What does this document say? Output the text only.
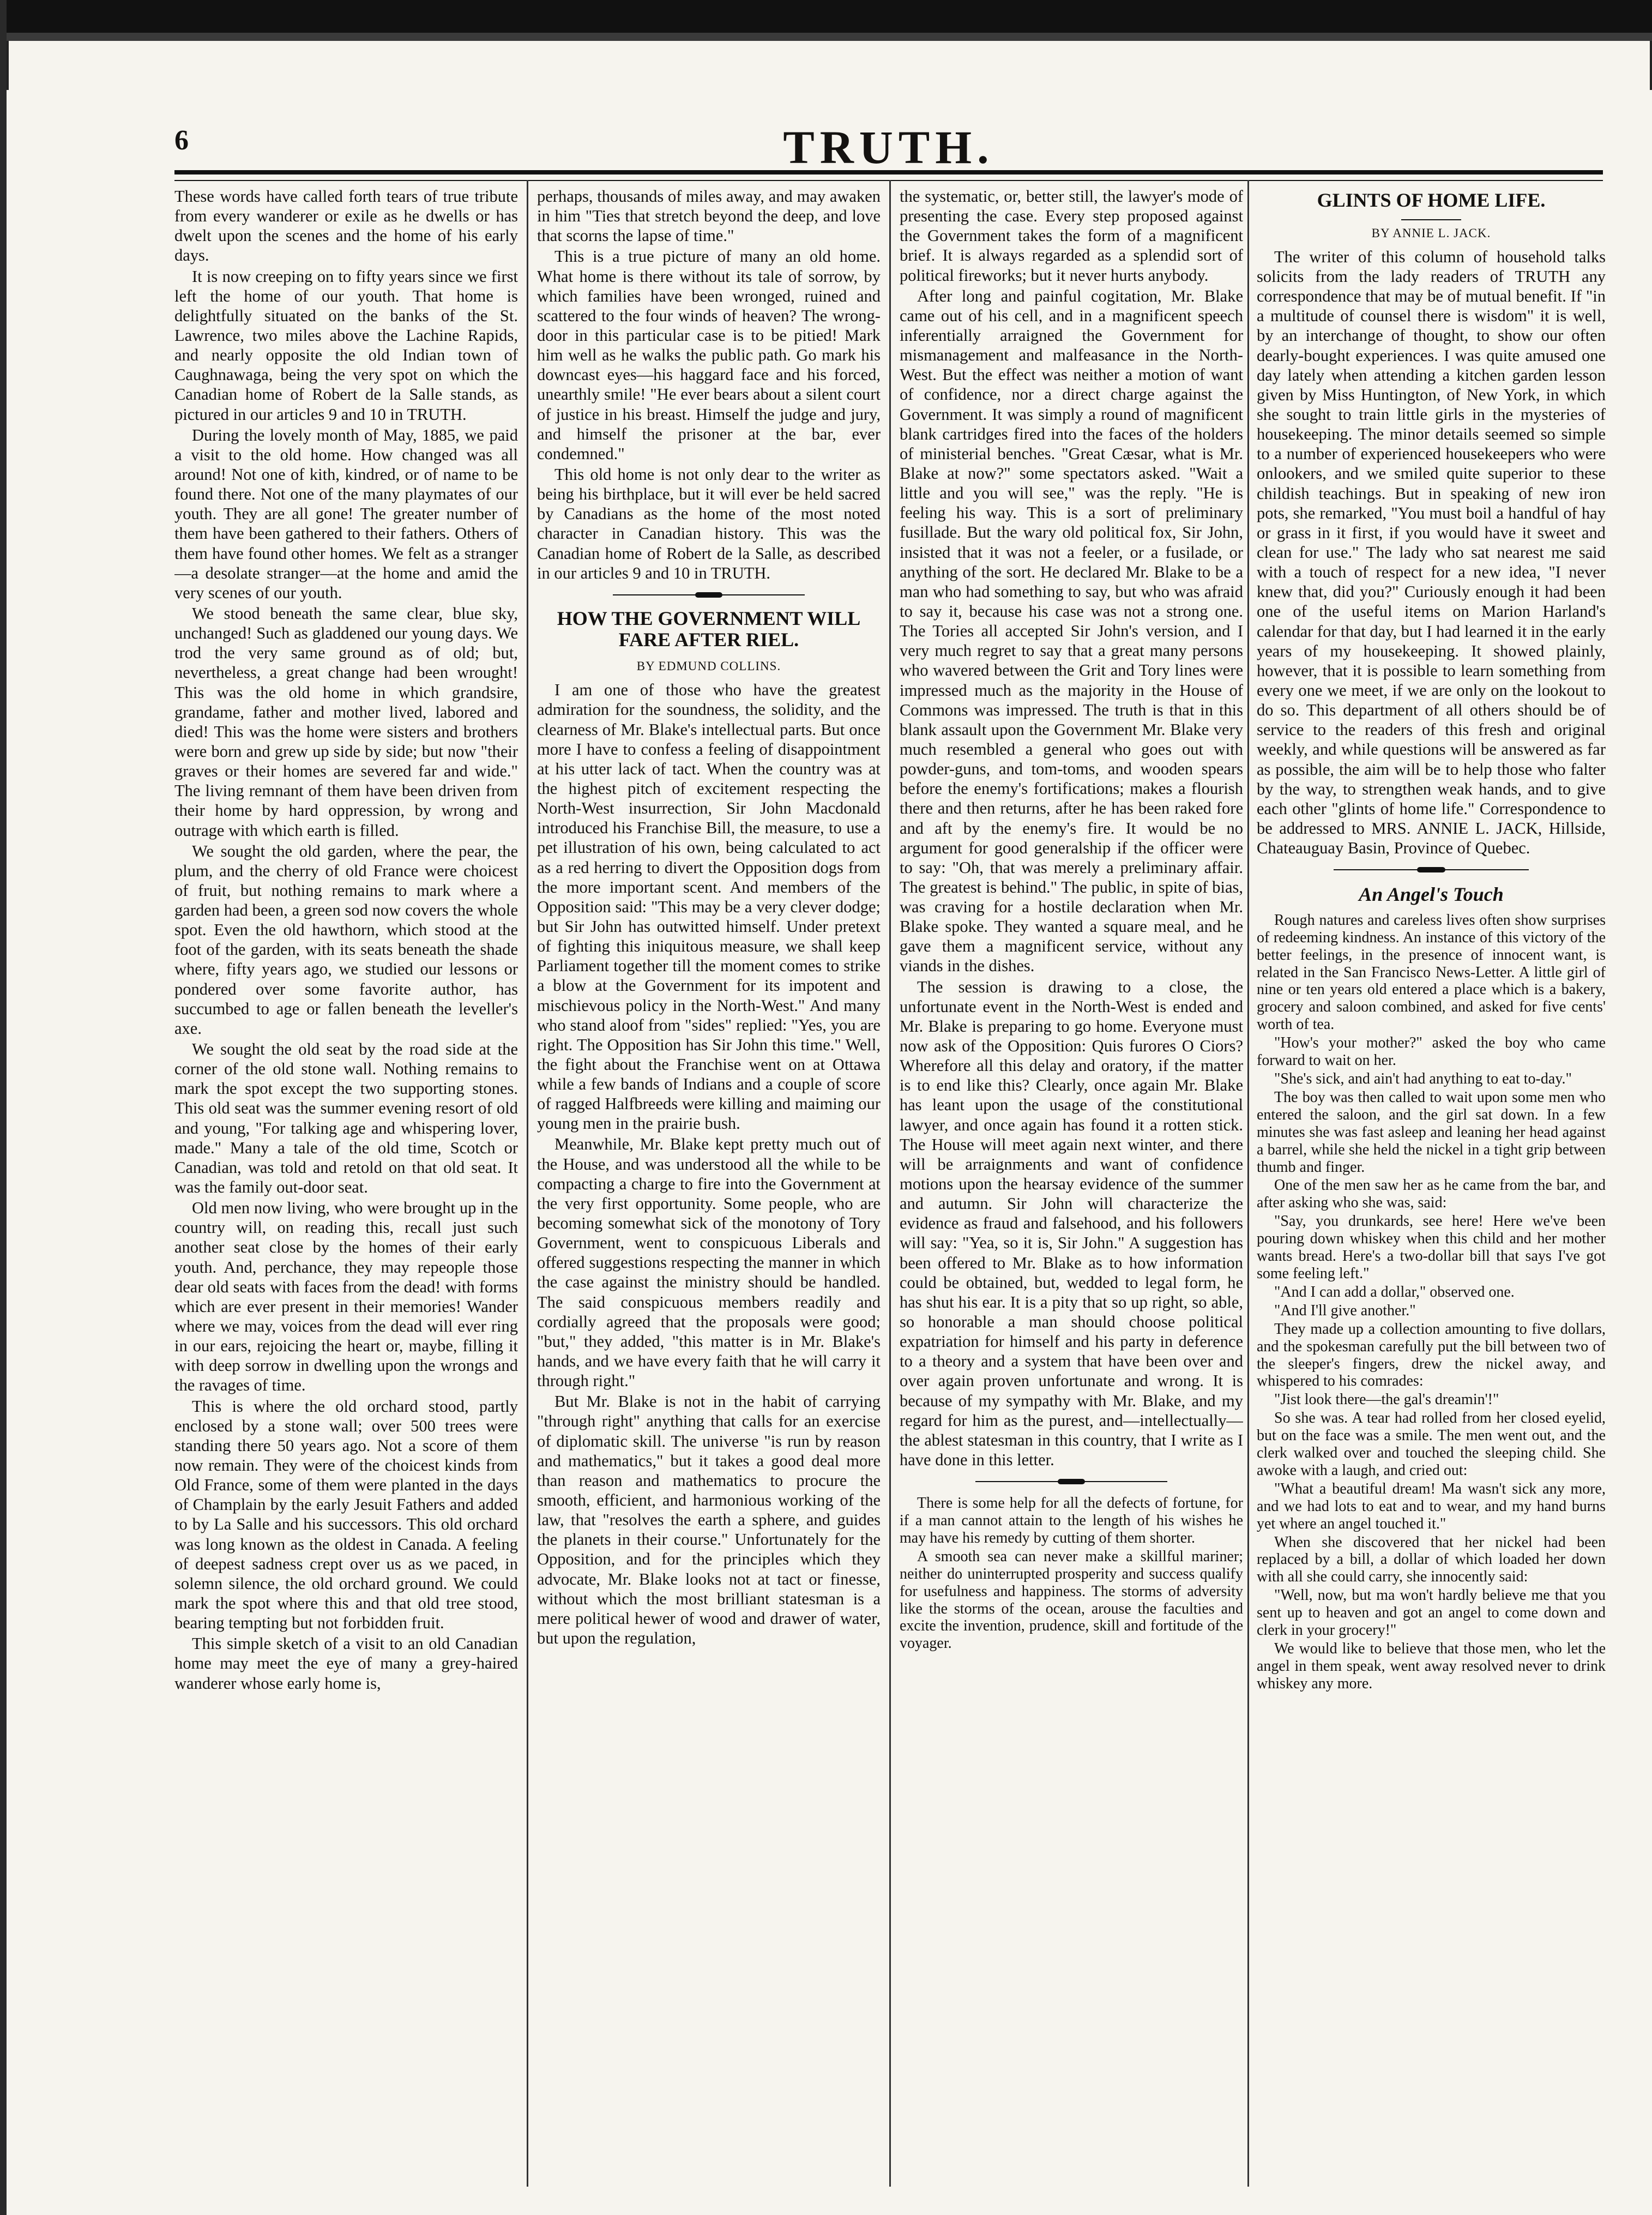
6	TRUTH.

These words have called forth tears of true tribute from every wanderer or exile as he dwells or has dwelt upon the scenes and the home of his early days.

It is now creeping on to fifty years since we first left the home of our youth. That home is delightfully situated on the banks of the St. Lawrence, two miles above the Lachine Rapids, and nearly opposite the old Indian town of Caughnawaga, being the very spot on which the Canadian home of Robert de la Salle stands, as pictured in our articles 9 and 10 in TRUTH.

During the lovely month of May, 1885, we paid a visit to the old home. How changed was all around! Not one of kith, kindred, or of name to be found there. Not one of the many playmates of our youth. They are all gone! The greater number of them have been gathered to their fathers. Others of them have found other homes. We felt as a stranger—a desolate stranger—at the home and amid the very scenes of our youth.

We stood beneath the same clear, blue sky, unchanged! Such as gladdened our young days. We trod the very same ground as of old; but, nevertheless, a great change had been wrought! This was the old home in which grandsire, grandame, father and mother lived, labored and died! This was the home were sisters and brothers were born and grew up side by side; but now "their graves or their homes are severed far and wide." The living remnant of them have been driven from their home by hard oppression, by wrong and outrage with which earth is filled.

We sought the old garden, where the pear, the plum, and the cherry of old France were choicest of fruit, but nothing remains to mark where a garden had been, a green sod now covers the whole spot. Even the old hawthorn, which stood at the foot of the garden, with its seats beneath the shade where, fifty years ago, we studied our lessons or pondered over some favorite author, has succumbed to age or fallen beneath the leveller's axe.

We sought the old seat by the road side at the corner of the old stone wall. Nothing remains to mark the spot except the two supporting stones. This old seat was the summer evening resort of old and young, "For talking age and whispering lover, made." Many a tale of the old time, Scotch or Canadian, was told and retold on that old seat. It was the family out-door seat.

Old men now living, who were brought up in the country will, on reading this, recall just such another seat close by the homes of their early youth. And, perchance, they may repeople those dear old seats with faces from the dead! with forms which are ever present in their memories! Wander where we may, voices from the dead will ever ring in our ears, rejoicing the heart or, maybe, filling it with deep sorrow in dwelling upon the wrongs and the ravages of time.

This is where the old orchard stood, partly enclosed by a stone wall; over 500 trees were standing there 50 years ago. Not a score of them now remain. They were of the choicest kinds from Old France, some of them were planted in the days of Champlain by the early Jesuit Fathers and added to by La Salle and his successors. This old orchard was long known as the oldest in Canada. A feeling of deepest sadness crept over us as we paced, in solemn silence, the old orchard ground. We could mark the spot where this and that old tree stood, bearing tempting but not forbidden fruit.

This simple sketch of a visit to an old Canadian home may meet the eye of many a grey-haired wanderer whose early home is,

perhaps, thousands of miles away, and may awaken in him "Ties that stretch beyond the deep, and love that scorns the lapse of time."

This is a true picture of many an old home. What home is there without its tale of sorrow, by which families have been wronged, ruined and scattered to the four winds of heaven? The wrong-door in this particular case is to be pitied! Mark him well as he walks the public path. Go mark his downcast eyes—his haggard face and his forced, unearthly smile! "He ever bears about a silent court of justice in his breast. Himself the judge and jury, and himself the prisoner at the bar, ever condemned."

This old home is not only dear to the writer as being his birthplace, but it will ever be held sacred by Canadians as the home of the most noted character in Canadian history. This was the Canadian home of Robert de la Salle, as described in our articles 9 and 10 in TRUTH.

HOW THE GOVERNMENT WILL FARE AFTER RIEL.
BY EDMUND COLLINS.

I am one of those who have the greatest admiration for the soundness, the solidity, and the clearness of Mr. Blake's intellectual parts. But once more I have to confess a feeling of disappointment at his utter lack of tact. When the country was at the highest pitch of excitement respecting the North-West insurrection, Sir John Macdonald introduced his Franchise Bill, the measure, to use a pet illustration of his own, being calculated to act as a red herring to divert the Opposition dogs from the more important scent. And members of the Opposition said: "This may be a very clever dodge; but Sir John has outwitted himself. Under pretext of fighting this iniquitous measure, we shall keep Parliament together till the moment comes to strike a blow at the Government for its impotent and mischievous policy in the North-West." And many who stand aloof from "sides" replied: "Yes, you are right. The Opposition has Sir John this time." Well, the fight about the Franchise went on at Ottawa while a few bands of Indians and a couple of score of ragged Halfbreeds were killing and maiming our young men in the prairie bush.

Meanwhile, Mr. Blake kept pretty much out of the House, and was understood all the while to be compacting a charge to fire into the Government at the very first opportunity. Some people, who are becoming somewhat sick of the monotony of Tory Government, went to conspicuous Liberals and offered suggestions respecting the manner in which the case against the ministry should be handled. The said conspicuous members readily and cordially agreed that the proposals were good; "but," they added, "this matter is in Mr. Blake's hands, and we have every faith that he will carry it through right."

But Mr. Blake is not in the habit of carrying "through right" anything that calls for an exercise of diplomatic skill. The universe "is run by reason and mathematics," but it takes a good deal more than reason and mathematics to procure the smooth, efficient, and harmonious working of the law, that "resolves the earth a sphere, and guides the planets in their course." Unfortunately for the Opposition, and for the principles which they advocate, Mr. Blake looks not at tact or finesse, without which the most brilliant statesman is a mere political hewer of wood and drawer of water, but upon the regulation,

the systematic, or, better still, the lawyer's mode of presenting the case. Every step proposed against the Government takes the form of a magnificent brief. It is always regarded as a splendid sort of political fireworks; but it never hurts anybody.

After long and painful cogitation, Mr. Blake came out of his cell, and in a magnificent speech inferentially arraigned the Government for mismanagement and malfeasance in the North-West. But the effect was neither a motion of want of confidence, nor a direct charge against the Government. It was simply a round of magnificent blank cartridges fired into the faces of the holders of ministerial benches. "Great Cæsar, what is Mr. Blake at now?" some spectators asked. "Wait a little and you will see," was the reply. "He is feeling his way. This is a sort of preliminary fusillade. But the wary old political fox, Sir John, insisted that it was not a feeler, or a fusilade, or anything of the sort. He declared Mr. Blake to be a man who had something to say, but who was afraid to say it, because his case was not a strong one. The Tories all accepted Sir John's version, and I very much regret to say that a great many persons who wavered between the Grit and Tory lines were impressed much as the majority in the House of Commons was impressed. The truth is that in this blank assault upon the Government Mr. Blake very much resembled a general who goes out with powder-guns, and tom-toms, and wooden spears before the enemy's fortifications; makes a flourish there and then returns, after he has been raked fore and aft by the enemy's fire. It would be no argument for good generalship if the officer were to say: "Oh, that was merely a preliminary affair. The greatest is behind." The public, in spite of bias, was craving for a hostile declaration when Mr. Blake spoke. They wanted a square meal, and he gave them a magnificent service, without any viands in the dishes.

The session is drawing to a close, the unfortunate event in the North-West is ended and Mr. Blake is preparing to go home. Everyone must now ask of the Opposition: Quis furores O Ciors? Wherefore all this delay and oratory, if the matter is to end like this? Clearly, once again Mr. Blake has leant upon the usage of the constitutional lawyer, and once again has found it a rotten stick. The House will meet again next winter, and there will be arraignments and want of confidence motions upon the hearsay evidence of the summer and autumn. Sir John will characterize the evidence as fraud and falsehood, and his followers will say: "Yea, so it is, Sir John." A suggestion has been offered to Mr. Blake as to how information could be obtained, but, wedded to legal form, he has shut his ear. It is a pity that so up right, so able, so honorable a man should choose political expatriation for himself and his party in deference to a theory and a system that have been over and over again proven unfortunate and wrong. It is because of my sympathy with Mr. Blake, and my regard for him as the purest, and—intellectually—the ablest statesman in this country, that I write as I have done in this letter.

There is some help for all the defects of fortune, for if a man cannot attain to the length of his wishes he may have his remedy by cutting of them shorter.

A smooth sea can never make a skillful mariner; neither do uninterrupted prosperity and success qualify for usefulness and happiness. The storms of adversity like the storms of the ocean, arouse the faculties and excite the invention, prudence, skill and fortitude of the voyager.

GLINTS OF HOME LIFE.
BY ANNIE L. JACK.

The writer of this column of household talks solicits from the lady readers of TRUTH any correspondence that may be of mutual benefit. If "in a multitude of counsel there is wisdom" it is well, by an interchange of thought, to show our often dearly-bought experiences. I was quite amused one day lately when attending a kitchen garden lesson given by Miss Huntington, of New York, in which she sought to train little girls in the mysteries of housekeeping. The minor details seemed so simple to a number of experienced housekeepers who were onlookers, and we smiled quite superior to these childish teachings. But in speaking of new iron pots, she remarked, "You must boil a handful of hay or grass in it first, if you would have it sweet and clean for use." The lady who sat nearest me said with a touch of respect for a new idea, "I never knew that, did you?" Curiously enough it had been one of the useful items on Marion Harland's calendar for that day, but I had learned it in the early years of my housekeeping. It showed plainly, however, that it is possible to learn something from every one we meet, if we are only on the lookout to do so. This department of all others should be of service to the readers of this fresh and original weekly, and while questions will be answered as far as possible, the aim will be to help those who falter by the way, to strengthen weak hands, and to give each other "glints of home life." Correspondence to be addressed to MRS. ANNIE L. JACK, Hillside, Chateauguay Basin, Province of Quebec.

An Angel's Touch

Rough natures and careless lives often show surprises of redeeming kindness. An instance of this victory of the better feelings, in the presence of innocent want, is related in the San Francisco News-Letter. A little girl of nine or ten years old entered a place which is a bakery, grocery and saloon combined, and asked for five cents' worth of tea.

"How's your mother?" asked the boy who came forward to wait on her.

"She's sick, and ain't had anything to eat to-day."

The boy was then called to wait upon some men who entered the saloon, and the girl sat down. In a few minutes she was fast asleep and leaning her head against a barrel, while she held the nickel in a tight grip between thumb and finger.

One of the men saw her as he came from the bar, and after asking who she was, said:

"Say, you drunkards, see here! Here we've been pouring down whiskey when this child and her mother wants bread. Here's a two-dollar bill that says I've got some feeling left."

"And I can add a dollar," observed one.

"And I'll give another."

They made up a collection amounting to five dollars, and the spokesman carefully put the bill between two of the sleeper's fingers, drew the nickel away, and whispered to his comrades:

"Jist look there—the gal's dreamin'!"

So she was. A tear had rolled from her closed eyelid, but on the face was a smile. The men went out, and the clerk walked over and touched the sleeping child. She awoke with a laugh, and cried out:

"What a beautiful dream! Ma wasn't sick any more, and we had lots to eat and to wear, and my hand burns yet where an angel touched it."

When she discovered that her nickel had been replaced by a bill, a dollar of which loaded her down with all she could carry, she innocently said:

"Well, now, but ma won't hardly believe me that you sent up to heaven and got an angel to come down and clerk in your grocery!"

We would like to believe that those men, who let the angel in them speak, went away resolved never to drink whiskey any more.
